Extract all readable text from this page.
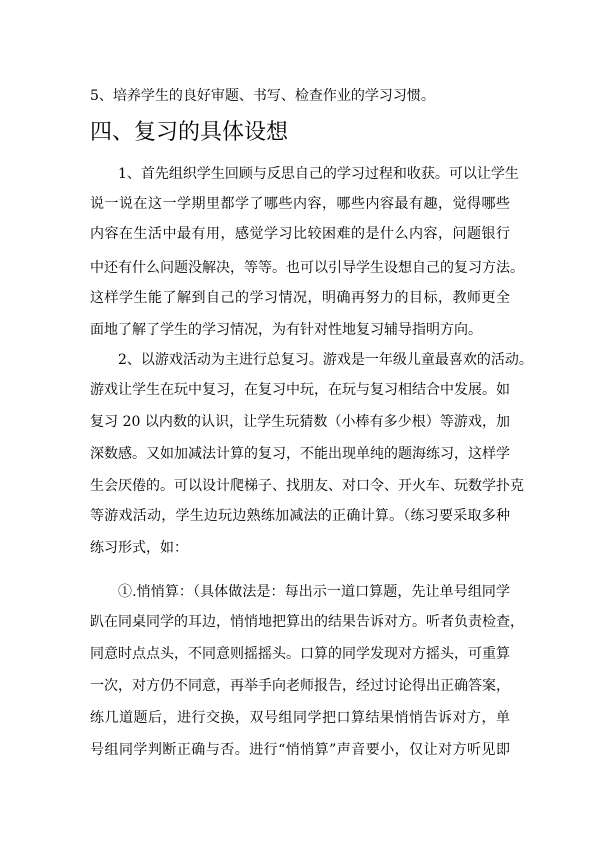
5、培养学生的良好审题、书写、检查作业的学习习惯。
四、复习的具体设想
1、首先组织学生回顾与反思自己的学习过程和收获。可以让学生
说一说在这一学期里都学了哪些内容，哪些内容最有趣，觉得哪些
内容在生活中最有用，感觉学习比较困难的是什么内容，问题银行
中还有什么问题没解决，等等。也可以引导学生设想自己的复习方法。
这样学生能了解到自己的学习情况，明确再努力的目标，教师更全
面地了解了学生的学习情况，为有针对性地复习辅导指明方向。
2、以游戏活动为主进行总复习。游戏是一年级儿童最喜欢的活动。
游戏让学生在玩中复习，在复习中玩，在玩与复习相结合中发展。如
复习 20 以内数的认识，让学生玩猜数（小棒有多少根）等游戏，加
深数感。又如加减法计算的复习，不能出现单纯的题海练习，这样学
生会厌倦的。可以设计爬梯子、找朋友、对口令、开火车、玩数学扑克
等游戏活动，学生边玩边熟练加减法的正确计算。（练习要采取多种
练习形式，如：
①.悄悄算：（具体做法是：每出示一道口算题，先让单号组同学
趴在同桌同学的耳边，悄悄地把算出的结果告诉对方。听者负责检查，
同意时点点头，不同意则摇摇头。口算的同学发现对方摇头，可重算
一次，对方仍不同意，再举手向老师报告，经过讨论得出正确答案，
练几道题后，进行交换，双号组同学把口算结果悄悄告诉对方，单
号组同学判断正确与否。进行“悄悄算”声音要小，仅让对方听见即
